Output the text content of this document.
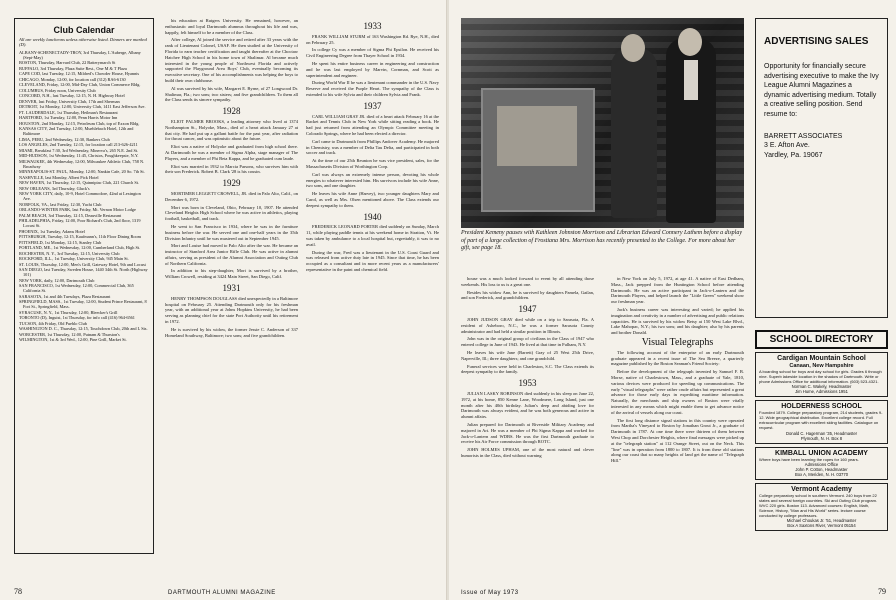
Club Calendar
All are weekly luncheons unless otherwise listed. Dinners are marked (D).

ALBANY-SCHENECTADY-TROY, 3rd Thursday, L'Auberge, Albany (Sept-May)

BOSTON, Thursday, Harvard Club, 22 Batterymarch St

BUFFALO, 3rd Thursday, Plaza Suite Rest., One M & T Plaza

CAPE COD, last Tuesday, 12:15, Mildred's Chowder House, Hyannis

CHICAGO, Monday, 12:00, for location call (312) RA6-6130

CLEVELAND, Friday, 12:00, Mid-Day Club, Union Commerce Bldg.

COLUMBUS, Friday noon, University Club

CONCORD, N.H., last Tuesday, 12:15, N. H. Highway Hotel

DENVER, last Friday, University Club, 17th and Sherman

DETROIT, 1st Monday, 12:00, University Club, 1411 East Jefferson Ave.

FT. LAUDERDALE, 1st Thursday, Heilman's Restaurant

HARTFORD, 1st Tuesday, 12:00, Penn Harris Motor Inn

HOUSTON, 2nd Monday, 12:15, Petroleum Club, top of Exxon Bldg.

KANSAS CITY, 2nd Tuesday, 12:00, Muehlebach Hotel, 12th and Baltimore

LIMA, PERU, 2nd Wednesday, 12:30, Bankers Club

LOS ANGELES, 2nd Tuesday, 12:15, for location call 213-626-4211

MIAMI, Breakfast 7:30, 3rd Wednesday, Minerva's, 265 N.E. 2nd St.

MID-HUDSON, 1st Wednesday, 11:45, Christos, Poughkeepsie, N.Y.

MILWAUKEE, 4th Wednesday, 12:00, Milwaukee Athletic Club, 758 N. Broadway

MINNEAPOLIS-ST. PAUL, Monday, 12:00, Nankin Cafe, 20 So. 7th St.

NASHVILLE, last Monday, Albert Pick Hotel

NEW HAVEN, 1st Thursday, 12:15, Quinnipiac Club, 221 Church St.

NEW ORLEANS, 3rd Thursday, Gluck's

NEW YORK CITY, daily, 10-9, Hotel Commodore, 42nd at Lexington Ave.

NORFOLK, VA., last Friday, 12:30, Yacht Club

ORLANDO-WINTER PARK, last Friday, Mt. Vernon Motor Lodge

PALM BEACH, 3rd Thursday, 12:15, Deauville Restaurant

PHILADELPHIA, Friday, 12:00, Poor Richard's Club, 2nd floor, 1319 Locust St.

PHOENIX, 1st Tuesday, Adams Hotel

PITTSBURGH, Tuesday, 12:15, Kaufmann's, 11th Floor Dining Room

PITTSFIELD, 1st Monday, 12:15, Stanley Club

PORTLAND, ME., 1st Wednesday, 12:00, Cumberland Club, High St.

ROCHESTER, N. Y., 3rd Tuesday, 12:15, University Club

ROCKFORD, ILL., 1st Tuesday, University Club, 945 Main St.

ST. LOUIS, Thursday, 12:00, Men's Grill, Gateway Hotel, 9th and Locust

SAN DIEGO, last Tuesday, Sweden House, 1440 34th St. North (Highway 101)

NEW YORK, daily, 12:00, Dartmouth Club

SAN FRANCISCO, 1st Wednesday, 12:00, Commercial Club, 365 California St.

SARASOTA, 1st and 4th Tuesdays, Plaza Restaurant

SPRINGFIELD, MASS., 1st Tuesday, 12:00, Student Prince Restaurant, 8 Fort St., Springfield, Mass.

SYRACUSE, N. Y., 1st Thursday, 12:00, Bleecker's Grill

TORONTO (D), Inguist, 1st Thursday, for info call (416) 964-6561

TUCSON, 4th Friday, Old Pueblo Club

WASHINGTON D. C., Thursday, 12:15, Touchdown Club, 20th and L Sts.

WORCESTER, 1st Thursday, 12:00, Putnam & Thurston's

WILMINGTON, 1st & 3rd Wed., 12:00, Pine Grill, Market St.

his education at Rutgers University. He remained, however, an enthusiastic and loyal Dartmouth alumnus throughout his life and was, happily, felt himself to be a member of the Class.

After college, Al joined the service and retired after 33 years with the rank of Lieutenant Colonel, USAF. He then studied at the University of Florida to earn teacher certification and taught thereafter at the Choctaw Hatchee High School in his home town of Shalimar. Al became much interested in the young people of Northwest Florida and actively supported the Playground Area Boys' Club, eventually becoming its executive secretary. One of his accomplishments was helping the boys to build their own clubhouse.

Al was survived by his wife, Margaret E. Byrne, of 27 Longwood Dr. Shalimar, Fla.; two sons; two sisters; and five grandchildren. To them all the Class sends its sincere sympathy.

1928

ELIOT PALMER BROOKS, a leading attorney who lived at 1374 Northampton St., Holyoke, Mass., died of a heart attack January 27 at that city. He had put up a gallant battle for the past year, after radiation for throat cancer, and was optimistic about the future.

Eliot was a native of Holyoke and graduated from high school there. At Dartmouth he was a member of Sigma Alpha, stage manager of The Players, and a member of Phi Beta Kappa, and he graduated cum laude.

Eliot was married in 1932 to Marcia Parsons, who survives him with their son Frederick. Robert B. Clark '28 is his cousin.

1929

MORTIMER LEGGETT CROWELL, JR. died in Palo Alto, Calif., on December 6, 1972.

Mort was born in Cleveland, Ohio, February 10, 1907. He attended Cleveland Heights High School where he was active in athletics, playing football, basketball, and track.

He went to San Francisco in 1934, where he was in the furniture business before the war. He served one and one-half years in the 35th Division Infantry until he was mustered out in September 1945.

Mort and Louise had moved to Palo Alto after the war. He became an instructor of Stanford Area Junior Rifle Club. He was active in alumni affairs, serving as president of the Alumni Association and Outing Club of Northern California.

In addition to his step-daughter, Mort is survived by a brother, William Crowell, residing at 3424 Main Street, San Diego, Calif.

1931

HENRY THOMPSON DOUGLASS died unexpectedly in a Baltimore hospital on February 25. Attending Dartmouth only for his freshman year, with an additional year at Johns Hopkins University, he had been serving as planning chief for the state Port Authority until his retirement in 1972.

He is survived by his widow, the former Jessie C. Anderson of 337 Homeland Southway, Baltimore; two sons; and five grandchildren.

1933

FRANK WILLIAM STURM of 163 Washington Rd. Rye, N.H., died on February 25.

In college Cy was a member of Sigma Phi Epsilon. He received his Civil Engineering Degree from Thayer School in 1934.

He spent his entire business career in engineering and construction and he was last employed by Marvin, Cornman, and Scott as superintendent and engineer.

During World War II he was a lieutenant commander in the U.S. Navy Reserve and received the Purple Heart. The sympathy of the Class is extended to his wife Sylvia and their children Sylvia and Frank.

1937

CARL WILLIAM GRAY JR. died of a heart attack February 16 at the Racket and Tennis Club in New York while sitting reading a book. He had just returned from attending an Olympic Committee meeting in Colorado Springs, where he had been elected a director.

Carl came to Dartmouth from Phillips Andover Academy. He majored in Chemistry, was a member of Delta Tau Delta, and participated in both soccer and track.

At the time of our 25th Reunion he was vice president, sales, for the Massachusetts Division of Worthington Corp.

Carl was always an extremely intense person, devoting his whole energies to whatever interested him. His survivors include his wife Anne, two sons, and one daughter.

He leaves his wife Anne (Harvey), two younger daughters Mary and Carol, as well as Mrs. Olsen mentioned above. The Class extends our deepest sympathy to them.

1940

FREDERICK LEONARD PORTER died suddenly on Sunday, March 11, while playing paddle tennis at his weekend home in Stratton, Vt. He was taken by ambulance to a local hospital but, regrettably, it was to no avail.

During the war, Fred was a lieutenant in the U.S. Coast Guard and was released from active duty late in 1945. Since that time, he has been occupied as a consultant and in more recent years as a manufacturers' representative in the paint and chemical field.

78	DARTMOUTH ALUMNI MAGAZINE
President Kemeny pauses with Kathleen Johnston Morrison and Librarian Edward Connery Lathem before a display of part of a large collection of Frostiana Mrs. Morrison has recently presented to the College. For more about her gift, see page 18.

house was a much looked forward to event by all attending those weekends. His loss to us is a great one.

Besides his widow Ann, he is survived by daughters Pamela, Gailan, and son Frederick, and grandchildren.

1947

JOHN JUDSON GRAY died while on a trip to Sarasota, Fla. A resident of Asheboro, N.C., he was a former Sarasota County administrator and had held a similar position in Illinois.

John was in the original group of civilians in the Class of 1947 who entered college in June of 1943. He lived at that time in Fulham, N.Y.

He leaves his wife Jane (Barrett) Gray of 25 West 25th Drive, Naperville, Ill.; three daughters; and one grandchild.

Funeral services were held in Charleston, S.C. The Class extends its deepest sympathy to the family.

1953

JULIAN LASKY ROBINSON died suddenly in his sleep on June 22, 1972, at his home, 850 Kenne Lane, Woodmere, Long Island, just one month after his 40th birthday. Julian's deep and abiding love for Dartmouth was always evident, and he was both generous and active in alumni affairs.

Julian prepared for Dartmouth at Riverside Military Academy and majored in Art. He was a member of Phi Sigma Kappa and worked for Jack-o-Lantern and WDBS. He was the first Dartmouth graduate to receive his Air Force commission through ROTC.

JOHN HOLMES UPHAM, one of the most natural and clever humorists in the Class, died without warning

in New York on July 5, 1972, at age 41. A native of East Dedham, Mass., Jack prepped from the Huntington School before attending Dartmouth. He was an active participant in Jack-o-Lantern and the Dartmouth Players, and helped launch the "Little Green" weekend show our freshman year.

Jack's business career was interesting and varied; he applied his imagination and creativity in a number of advertising and public relations capacities. He is survived by his widow Betsy at 150 West Lake Blvd., Lake Mahopac, N.Y.; his two sons; and his daughter; also by his parents and brother Donald.

Visual Telegraphs

The following account of the enterprise of an early Dartmouth graduate appeared in a recent issue of The Sea Breeze, a quarterly magazine published by the Boston Seaman's Friend Society:

Before the development of the telegraph invented by Samuel F. B. Morse, native of Charlestown, Mass., and a graduate of Yale, 1810, various devices were produced for speeding up communications. The early "visual telegraphs" were rather crude affairs but represented a great advance for those early days in expediting maritime information. Naturally, the merchants and ship owners of Boston were vitally interested in any means which might enable them to get advance notice of the arrival of vessels along our coast.

The first long distance signal stations in this country were operated from Martha's Vineyard to Boston by Jonathan Grout Jr., a graduate of Dartmouth in 1787. At one time there were thirteen of them between West Chop and Dorchester Heights, where final messages were picked up at the "telegraph station" at 112 Orange Street, out on the Neck. This "line" was in operation from 1800 to 1807. It is from these old stations along our coast that so many heights of land get the name of "Telegraph Hill."

ADVERTISING SALES
Opportunity for financially secure advertising executive to make the Ivy League Alumni Magazines a dynamic advertising medium. Totally a creative selling position. Send resume to:
BARRETT ASSOCIATES
3 E. Afton Ave.
Yardley, Pa. 19067
SCHOOL DIRECTORY
Cardigan Mountain School
Canaan, New Hampshire
A boarding school for boys and day school for girls. Grades 6 through nine. Superb lakeside location in the shadow of Dartmouth. Write or phone Admissions Office for additional information. (603) 523-4321.
Norman C. Wakely, Headmaster
Jim Hume, Admissions 1951
HOLDERNESS SCHOOL
Founded 1879. College preparatory program, 214 students, grades 9-12. Wide geographical distribution. Excellent college record. Full extracurricular program with excellent skiing facilities. Catalogue on request.
Donald C. Hagerman '35, Headmaster
Plymouth, N. H. Box 8
KIMBALL UNION ACADEMY
Where boys have been learning the ropes for 160 years.
Admissions Office
John P. Cotton, Headmaster
Box A, Meriden, N. H. 03770
Vermont Academy
College preparatory school in southern Vermont. 240 boys from 22 states and several foreign countries. Ski and Outing Club program. WVC 220 girls. Boston 113. Advanced courses: English, Math, Science, History, "Man and His World" series. lecture course conducted by college professors.
Michael Choukas Jr. '51, Headmaster
Box A Saxtons River, Vermont 05154
Issue of May 1973	79
